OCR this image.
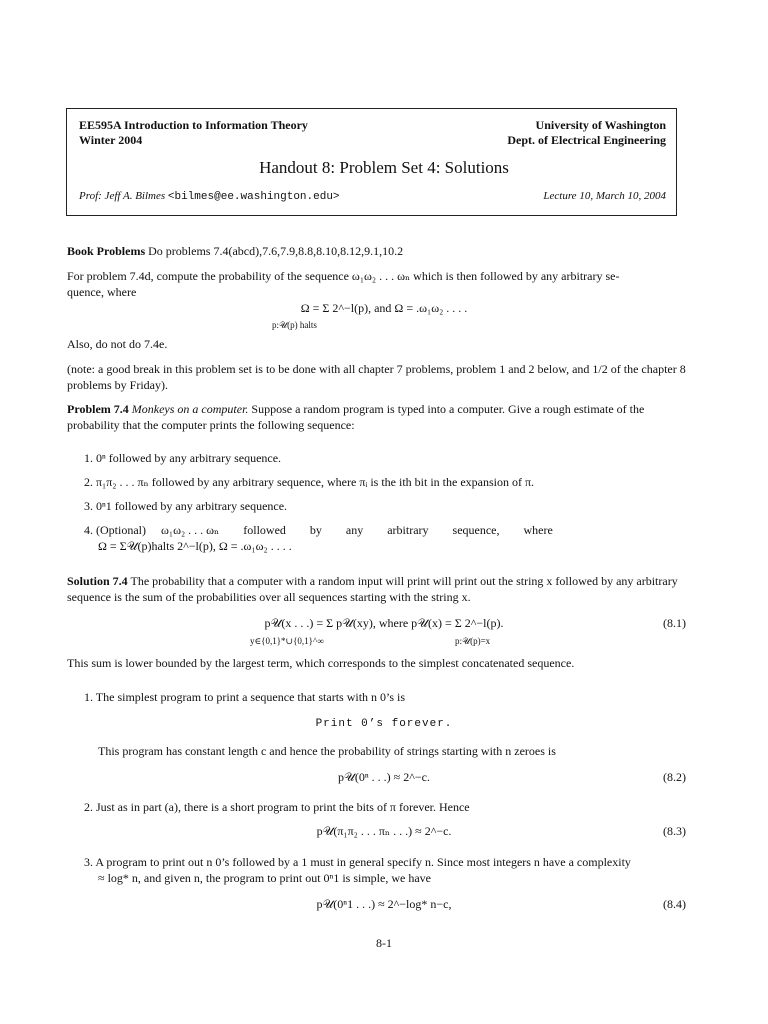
EE595A Introduction to Information Theory
Winter 2004
University of Washington
Dept. of Electrical Engineering
Handout 8: Problem Set 4: Solutions
Prof: Jeff A. Bilmes <bilmes@ee.washington.edu>	Lecture 10, March 10, 2004
Book Problems Do problems 7.4(abcd),7.6,7.9,8.8,8.10,8.12,9.1,10.2
For problem 7.4d, compute the probability of the sequence ω₁ω₂ . . . ωₙ which is then followed by any arbitrary se-
quence, where
Ω = Σ 2^−l(p), and Ω = .ω₁ω₂ . . . .
p:𝒰(p) halts
Also, do not do 7.4e.
(note: a good break in this problem set is to be done with all chapter 7 problems, problem 1 and 2 below, and 1/2 of the chapter 8 problems by Friday).
Problem 7.4 Monkeys on a computer. Suppose a random program is typed into a computer. Give a rough estimate of the probability that the computer prints the following sequence:
1. 0ⁿ followed by any arbitrary sequence.
2. π₁π₂ . . . πₙ followed by any arbitrary sequence, where πᵢ is the ith bit in the expansion of π.
3. 0ⁿ1 followed by any arbitrary sequence.
4. (Optional)     ω₁ω₂ . . . ωₙ        followed        by        any        arbitrary        sequence,        where
Ω = Σ𝒰(p)halts 2^−l(p), Ω = .ω₁ω₂ . . . .
Solution 7.4 The probability that a computer with a random input will print will print out the string x followed by any arbitrary sequence is the sum of the probabilities over all sequences starting with the string x.
p𝒰(x . . .) = Σ p𝒰(xy), where p𝒰(x) = Σ 2^−l(p).
y∈{0,1}*∪{0,1}^∞	p:𝒰(p)=x
(8.1)
This sum is lower bounded by the largest term, which corresponds to the simplest concatenated sequence.
1. The simplest program to print a sequence that starts with n 0’s is
Print 0’s forever.
This program has constant length c and hence the probability of strings starting with n zeroes is
p𝒰(0ⁿ . . .) ≈ 2^−c.	(8.2)
2. Just as in part (a), there is a short program to print the bits of π forever. Hence
p𝒰(π₁π₂ . . . πₙ . . .) ≈ 2^−c.	(8.3)
3. A program to print out n 0’s followed by a 1 must in general specify n. Since most integers n have a complexity
≈ log* n, and given n, the program to print out 0ⁿ1 is simple, we have
p𝒰(0ⁿ1 . . .) ≈ 2^−log* n−c,	(8.4)
8-1
